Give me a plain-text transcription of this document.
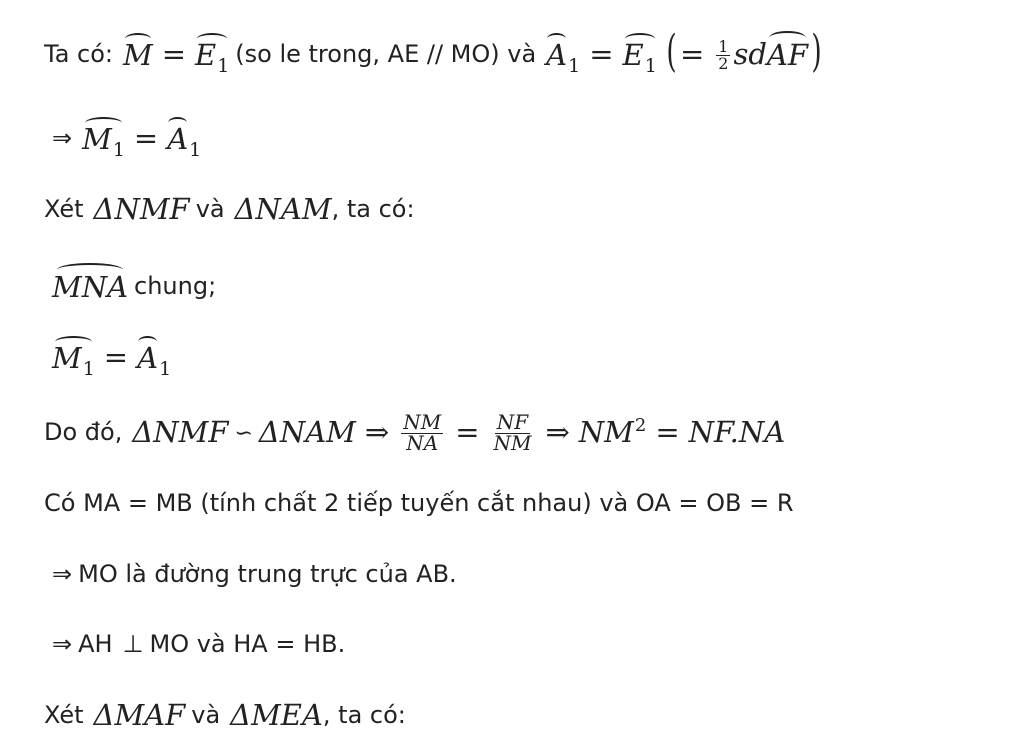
Ta có: $M = E_1$ (so le trong, AE // MO) và $A_1 = E_1$ ( = $\frac{1}{2}$ sd AF )
⇒ $M_1 = A_1$
Xét ΔNMF và ΔNAM , ta có:
MNA chung;
$M_1 = A_1$
Do đó, ΔNMF ∽ ΔNAM ⇒ $\frac{NM}{NA} = \frac{NF}{NM}$ ⇒ $NM^2 = NF.NA$
Có MA = MB (tính chất 2 tiếp tuyến cắt nhau) và OA = OB = R
⇒ MO là đường trung trực của AB.
⇒ AH ⊥ MO và HA = HB.
Xét ΔMAF và ΔMEA , ta có:
